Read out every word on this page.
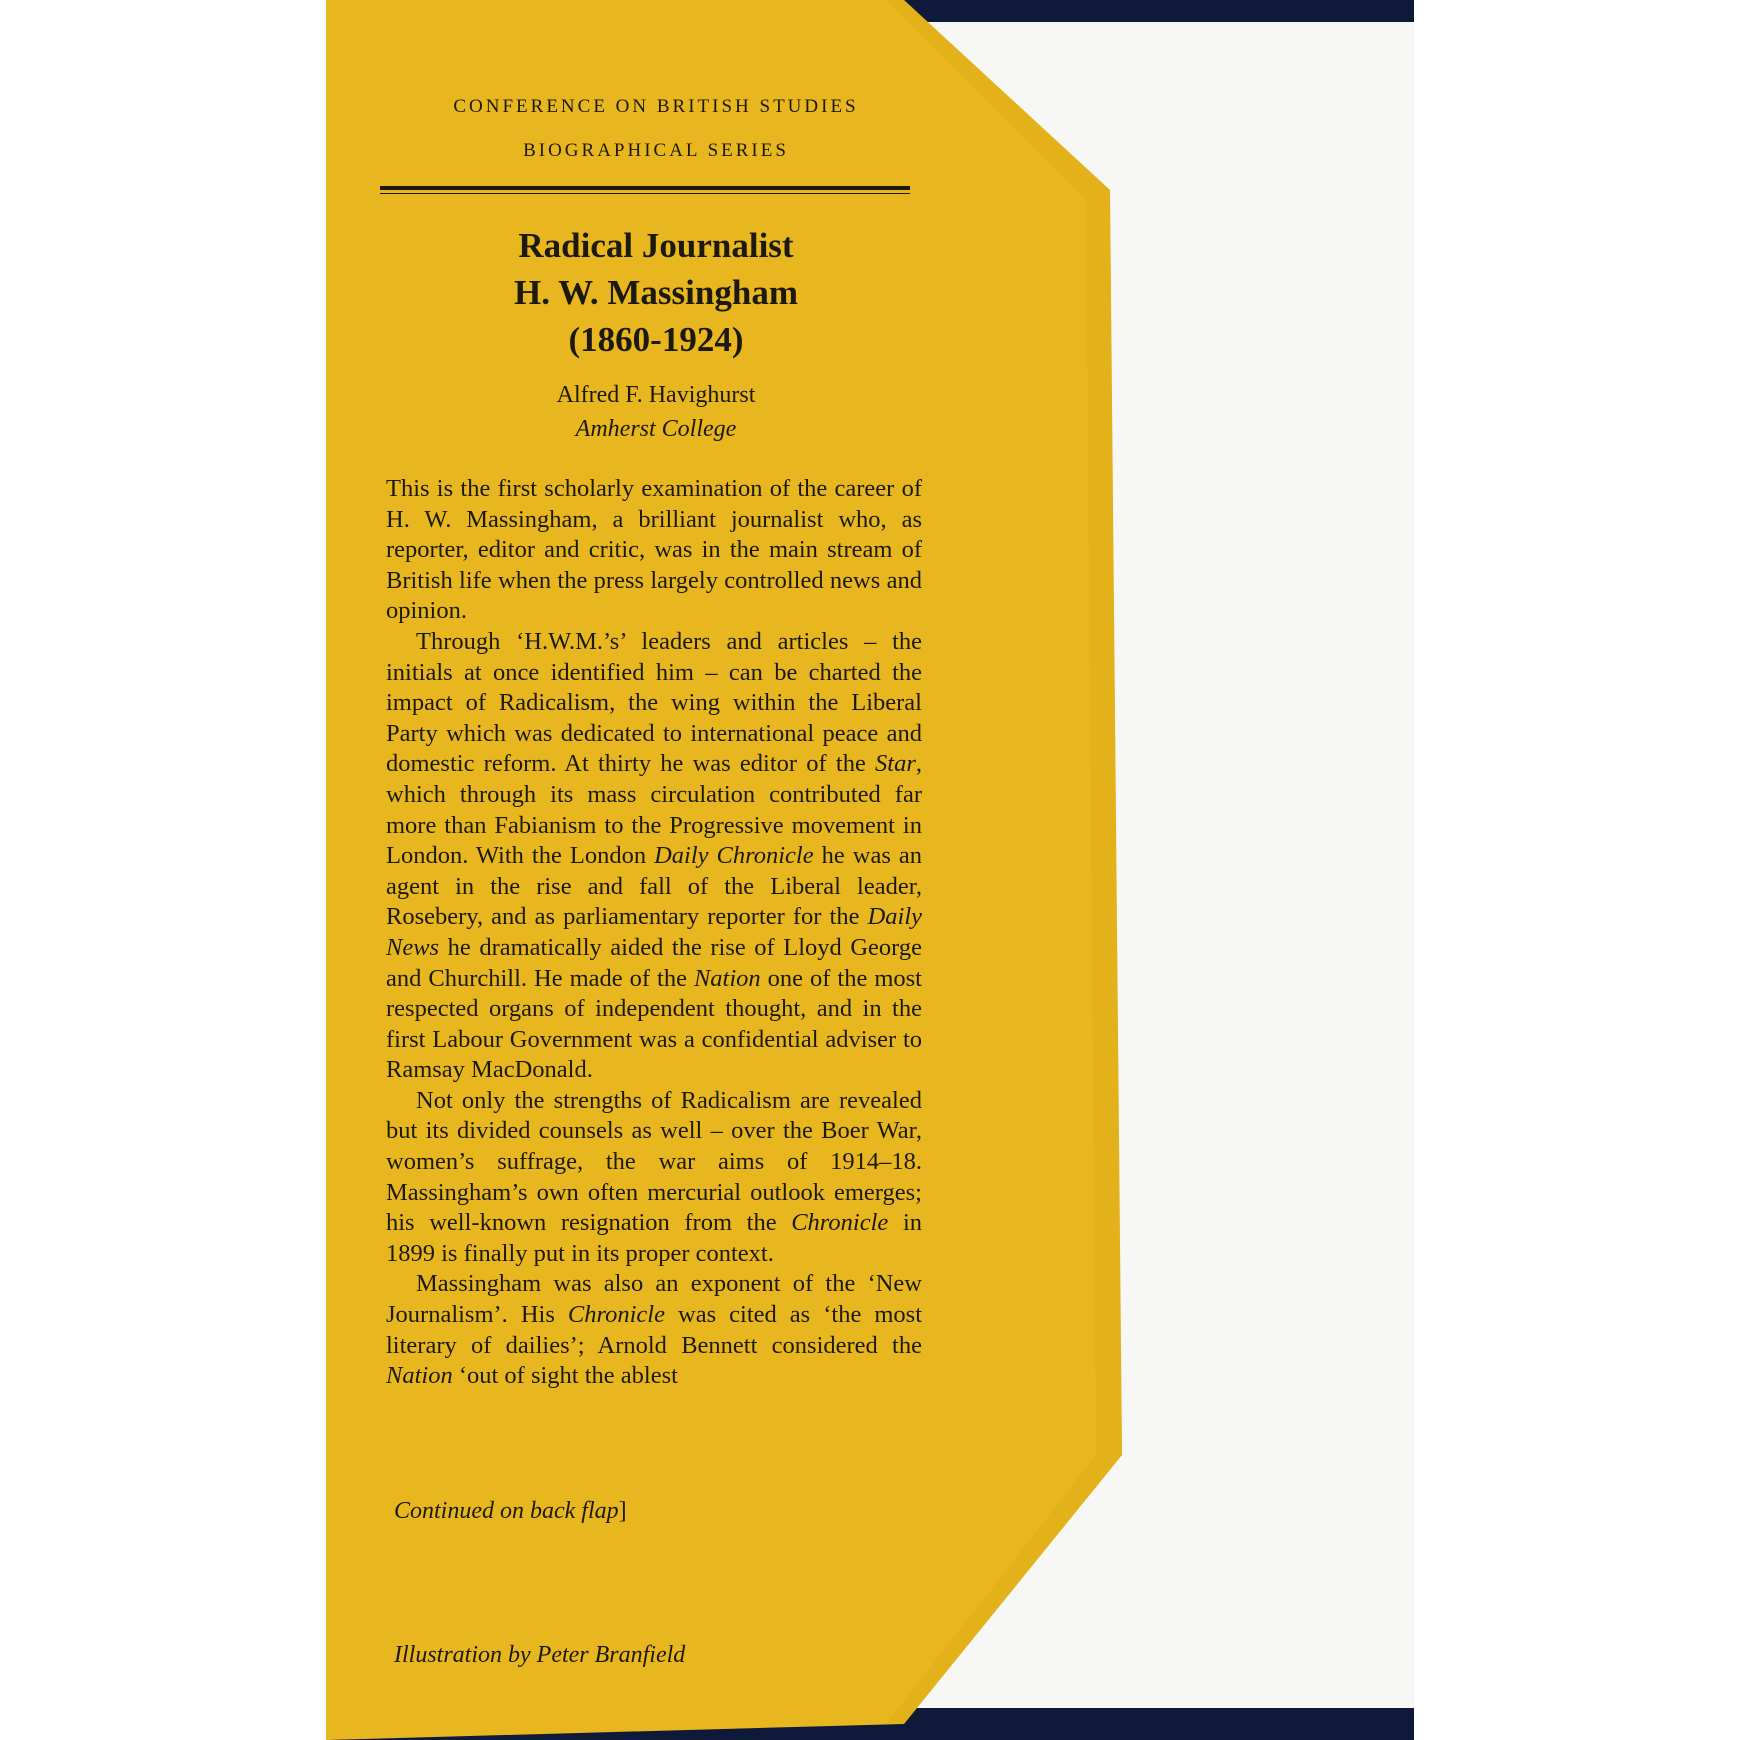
CONFERENCE ON BRITISH STUDIES
BIOGRAPHICAL SERIES
Radical Journalist
H. W. Massingham
(1860-1924)
Alfred F. Havighurst
Amherst College

This is the first scholarly examination of the career of H. W. Massingham, a brilliant journalist who, as reporter, editor and critic, was in the main stream of British life when the press largely controlled news and opinion.

Through ‘H.W.M.’s’ leaders and articles – the initials at once identified him – can be charted the impact of Radicalism, the wing within the Liberal Party which was dedicated to international peace and domestic reform. At thirty he was editor of the Star, which through its mass circulation contributed far more than Fabianism to the Progressive movement in London. With the London Daily Chronicle he was an agent in the rise and fall of the Liberal leader, Rosebery, and as parliamentary reporter for the Daily News he dramatically aided the rise of Lloyd George and Churchill. He made of the Nation one of the most respected organs of independent thought, and in the first Labour Government was a confidential adviser to Ramsay MacDonald.

Not only the strengths of Radicalism are revealed but its divided counsels as well – over the Boer War, women’s suffrage, the war aims of 1914–18. Massingham’s own often mercurial outlook emerges; his well-known resignation from the Chronicle in 1899 is finally put in its proper context.

Massingham was also an exponent of the ‘New Journalism’. His Chronicle was cited as ‘the most literary of dailies’; Arnold Bennett considered the Nation ‘out of sight the ablest

Continued on back flap]
Illustration by Peter Branfield
